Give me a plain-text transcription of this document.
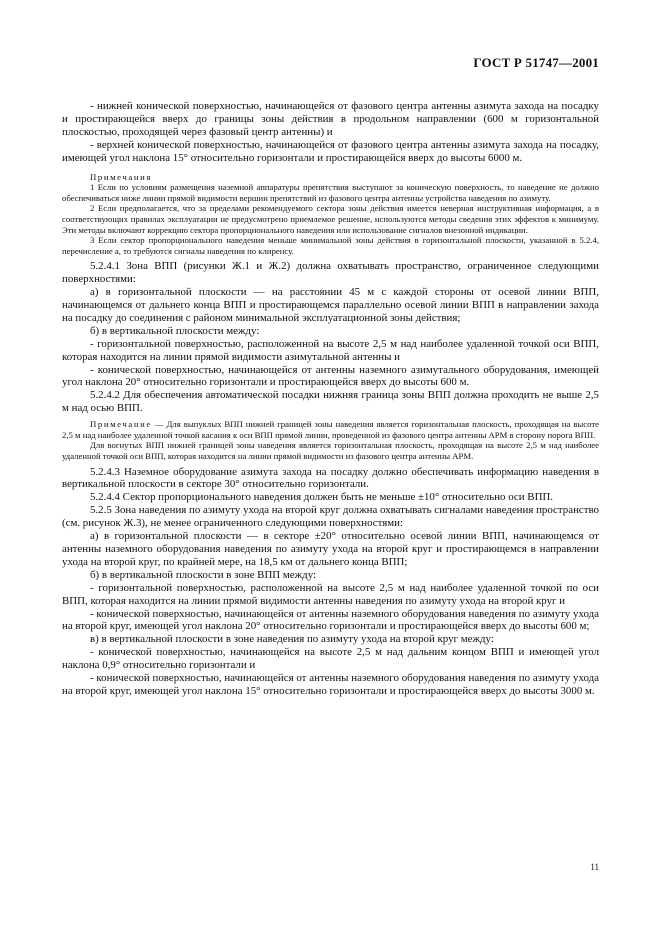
ГОСТ Р 51747—2001

- нижней конической поверхностью, начинающейся от фазового центра антенны азимута захода на посадку и простирающейся вверх до границы зоны действия в продольном направлении (600 м горизонтальной плоскостью, проходящей через фазовый центр антенны) и

- верхней конической поверхностью, начинающейся от фазового центра антенны азимута захода на посадку, имеющей угол наклона 15° относительно горизонтали и простирающейся вверх до высоты 6000 м.

Примечания

1 Если по условиям размещения наземной аппаратуры препятствия выступают за коническую поверхность, то наведение не должно обеспечиваться ниже линии прямой видимости вершин препятствий из фазового центра антенны устройства наведения по азимуту.

2 Если предполагается, что за пределами рекомендуемого сектора зоны действия имеется неверная инструктивная информация, а в соответствующих правилах эксплуатации не предусмотрено приемлемое решение, используются методы сведения этих эффектов к минимуму. Эти методы включают коррекцию сектора пропорционального наведения или использование сигналов внезонной индикации.

3 Если сектор пропорционального наведения меньше минимальной зоны действия в горизонтальной плоскости, указанной в 5.2.4, перечисление а, то требуются сигналы наведения по клиренсу.

5.2.4.1 Зона ВПП (рисунки Ж.1 и Ж.2) должна охватывать пространство, ограниченное следующими поверхностями:

а) в горизонтальной плоскости — на расстоянии 45 м с каждой стороны от осевой линии ВПП, начинающемся от дальнего конца ВПП и простирающемся параллельно осевой линии ВПП в направлении захода на посадку до соединения с районом минимальной эксплуатационной зоны действия;

б) в вертикальной плоскости между:

- горизонтальной поверхностью, расположенной на высоте 2,5 м над наиболее удаленной точкой оси ВПП, которая находится на линии прямой видимости азимутальной антенны и

- конической поверхностью, начинающейся от антенны наземного азимутального оборудования, имеющей угол наклона 20° относительно горизонтали и простирающейся вверх до высоты 600 м.

5.2.4.2 Для обеспечения автоматической посадки нижняя граница зоны ВПП должна проходить не выше 2,5 м над осью ВПП.

Примечание — Для выпуклых ВПП нижней границей зоны наведения является горизонтальная плоскость, проходящая на высоте 2,5 м над наиболее удаленной точкой касания к оси ВПП прямой линии, проведенной из фазового центра антенны АРМ в сторону порога ВПП.

Для вогнутых ВПП нижней границей зоны наведения является горизонтальная плоскость, проходящая на высоте 2,5 м над наиболее удаленной точкой оси ВПП, которая находится на линии прямой видимости из фазового центра антенны АРМ.

5.2.4.3 Наземное оборудование азимута захода на посадку должно обеспечивать информацию наведения в вертикальной плоскости в секторе 30° относительно горизонтали.

5.2.4.4 Сектор пропорционального наведения должен быть не меньше ±10° относительно оси ВПП.

5.2.5 Зона наведения по азимуту ухода на второй круг должна охватывать сигналами наведения пространство (см. рисунок Ж.3), не менее ограниченного следующими поверхностями:

а) в горизонтальной плоскости — в секторе ±20° относительно осевой линии ВПП, начинающемся от антенны наземного оборудования наведения по азимуту ухода на второй круг и простирающемся в направлении ухода на второй круг, по крайней мере, на 18,5 км от дальнего конца ВПП;

б) в вертикальной плоскости в зоне ВПП между:

- горизонтальной поверхностью, расположенной на высоте 2,5 м над наиболее удаленной точкой по оси ВПП, которая находится на линии прямой видимости антенны наведения по азимуту ухода на второй круг и

- конической поверхностью, начинающейся от антенны наземного оборудования наведения по азимуту ухода на второй круг, имеющей угол наклона 20° относительно горизонтали и простирающейся вверх до высоты 600 м;

в) в вертикальной плоскости в зоне наведения по азимуту ухода на второй круг между:

- конической поверхностью, начинающейся на высоте 2,5 м над дальним концом ВПП и имеющей угол наклона 0,9° относительно горизонтали и

- конической поверхностью, начинающейся от антенны наземного оборудования наведения по азимуту ухода на второй круг, имеющей угол наклона 15° относительно горизонтали и простирающейся вверх до высоты 3000 м.

11
